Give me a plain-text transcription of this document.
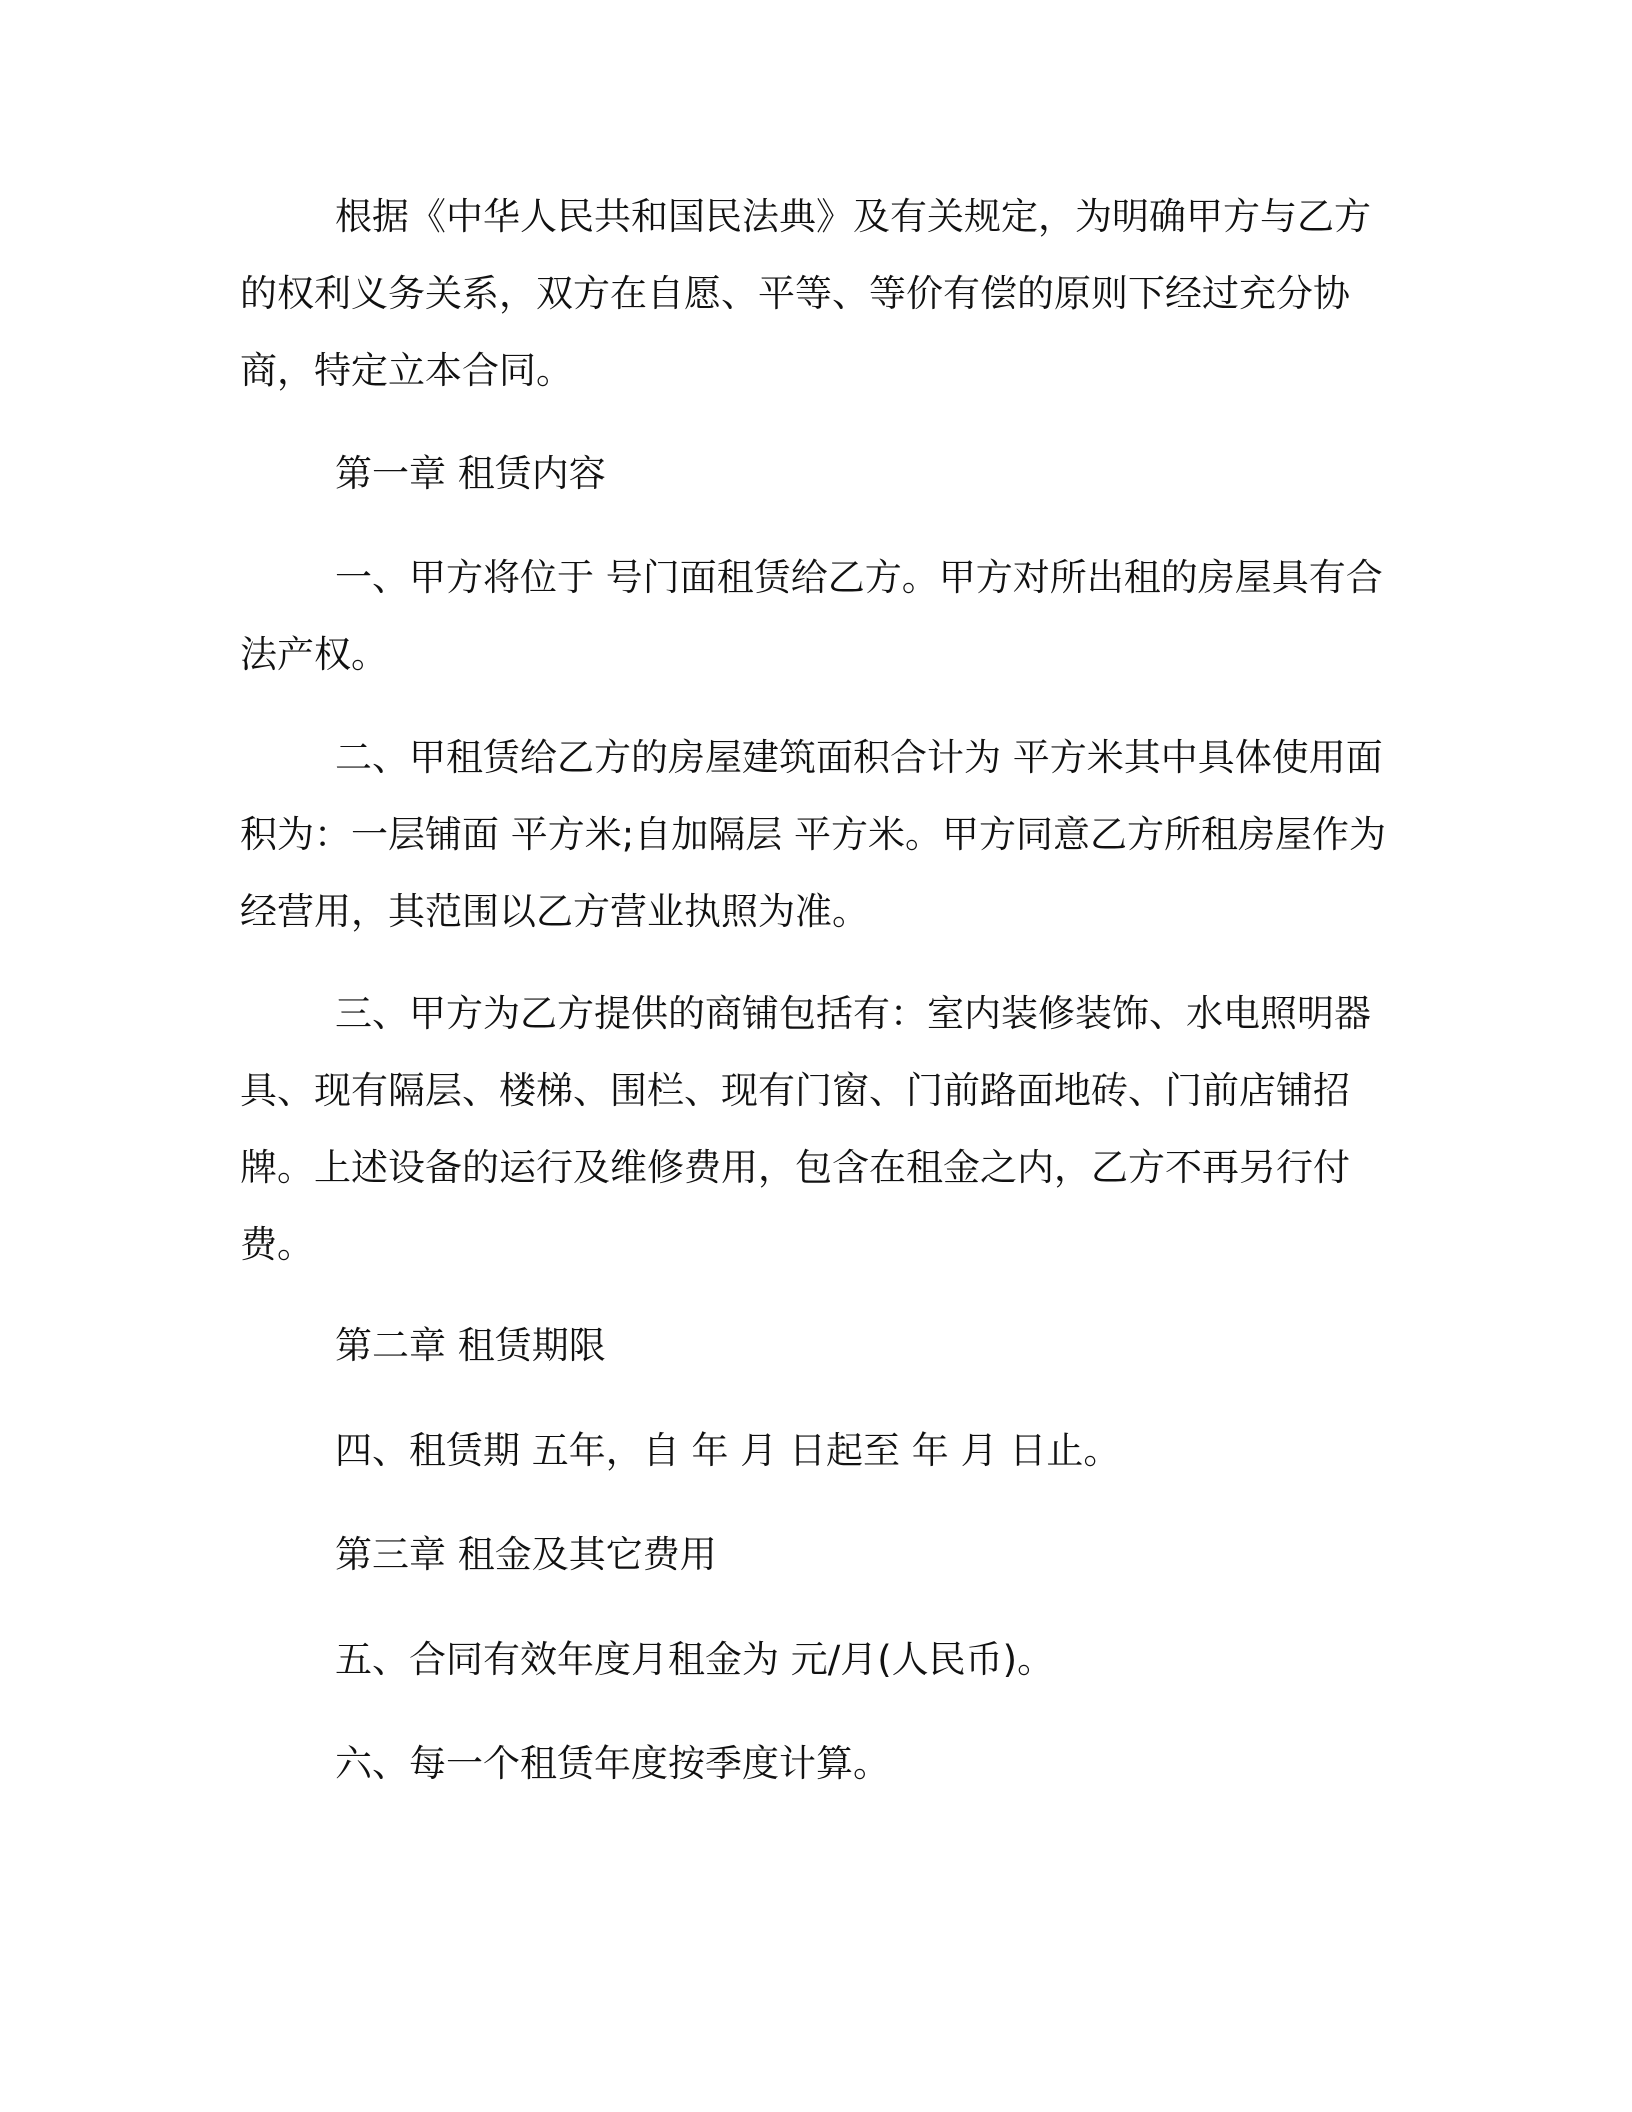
根据《中华人民共和国民法典》及有关规定，为明确甲方与乙方
的权利义务关系，双方在自愿、平等、等价有偿的原则下经过充分协
商，特定立本合同。
第一章 租赁内容
一、甲方将位于 号门面租赁给乙方。甲方对所出租的房屋具有合
法产权。
二、甲租赁给乙方的房屋建筑面积合计为 平方米其中具体使用面
积为：一层铺面 平方米;自加隔层 平方米。甲方同意乙方所租房屋作为
经营用，其范围以乙方营业执照为准。
三、甲方为乙方提供的商铺包括有：室内装修装饰、水电照明器
具、现有隔层、楼梯、围栏、现有门窗、门前路面地砖、门前店铺招
牌。上述设备的运行及维修费用，包含在租金之内，乙方不再另行付
费。
第二章 租赁期限
四、租赁期 五年，自 年 月 日起至 年 月 日止。
第三章 租金及其它费用
五、合同有效年度月租金为 元/月(人民币)。
六、每一个租赁年度按季度计算。
